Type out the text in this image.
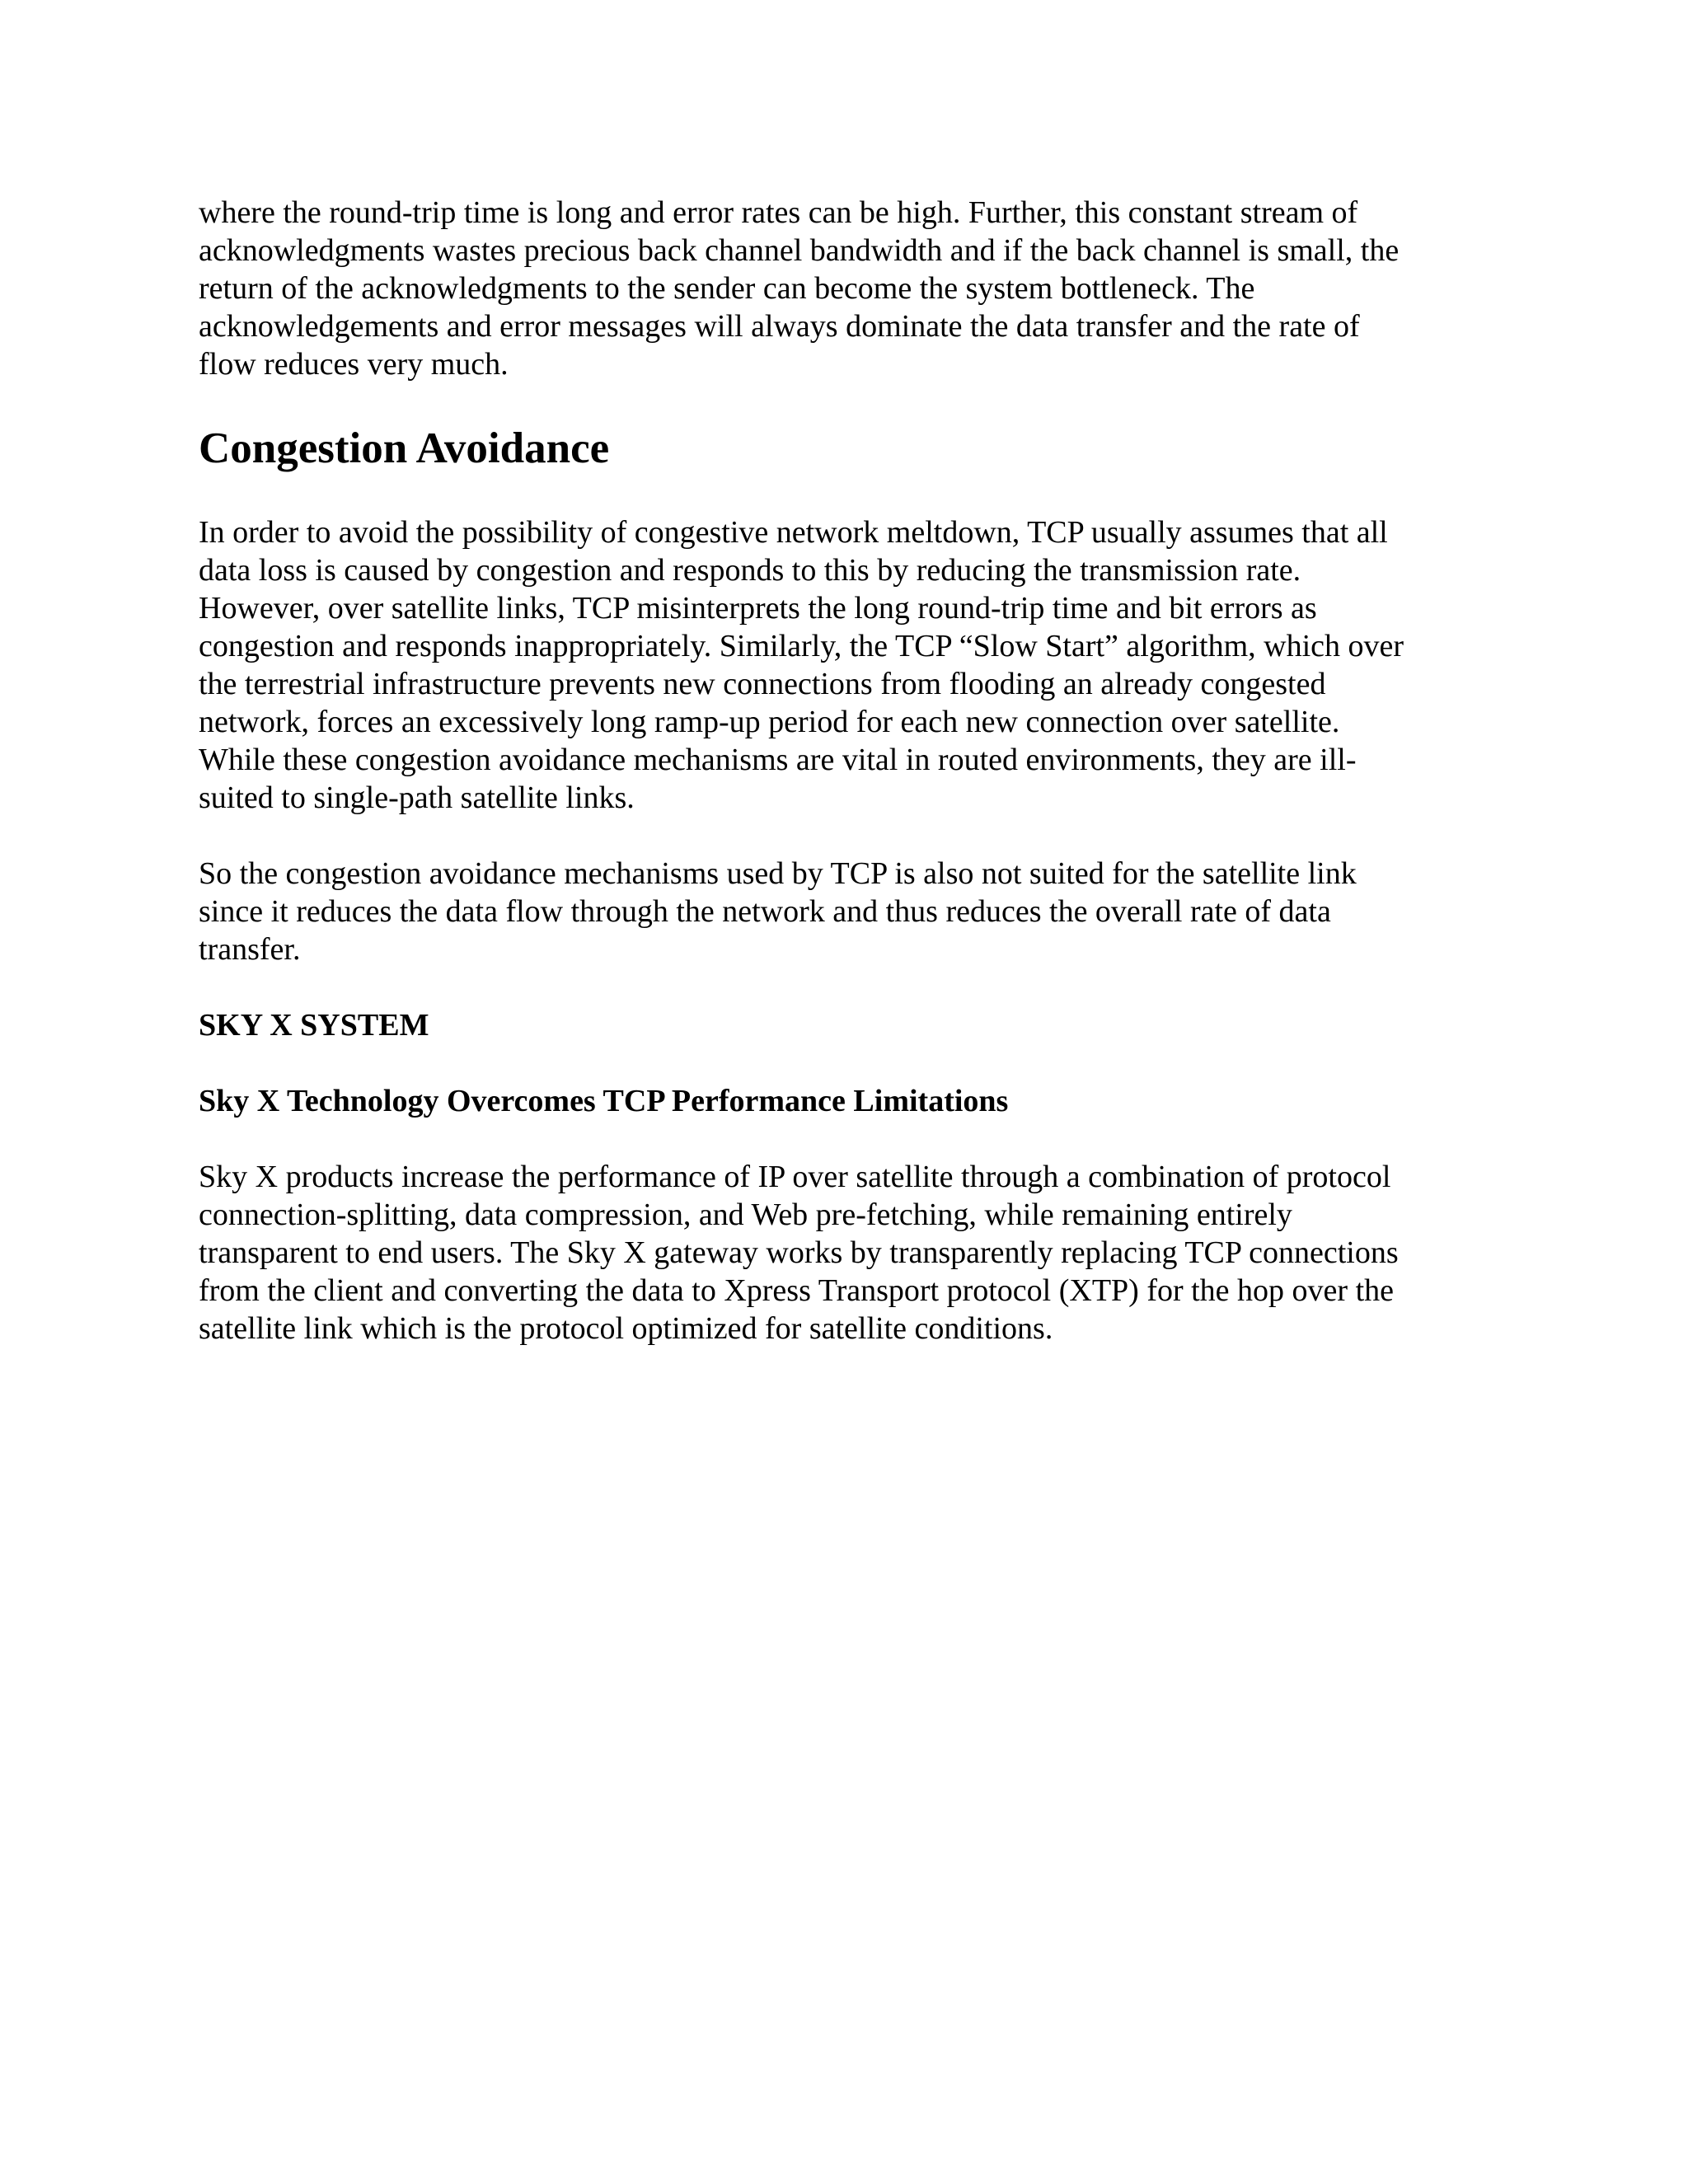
where the round-trip time is long and error rates can be high. Further, this constant stream of
acknowledgments wastes precious back channel bandwidth and if the back channel is small, the
return of the acknowledgments to the sender can become the system bottleneck. The
acknowledgements and error messages will always dominate the data transfer and the rate of
flow reduces very much.

Congestion Avoidance

In order to avoid the possibility of congestive network meltdown, TCP usually assumes that all
data loss is caused by congestion and responds to this by reducing the transmission rate.
However, over satellite links, TCP misinterprets the long round-trip time and bit errors as
congestion and responds inappropriately. Similarly, the TCP “Slow Start” algorithm, which over
the terrestrial infrastructure prevents new connections from flooding an already congested
network, forces an excessively long ramp-up period for each new connection over satellite.
While these congestion avoidance mechanisms are vital in routed environments, they are ill-
suited to single-path satellite links.

So the congestion avoidance mechanisms used by TCP is also not suited for the satellite link
since it reduces the data flow through the network and thus reduces the overall rate of data
transfer.

SKY X SYSTEM
Sky X Technology Overcomes TCP Performance Limitations

Sky X products increase the performance of IP over satellite through a combination of protocol
connection-splitting, data compression, and Web pre-fetching, while remaining entirely
transparent to end users. The Sky X gateway works by transparently replacing TCP connections
from the client and converting the data to Xpress Transport protocol (XTP) for the hop over the
satellite link which is the protocol optimized for satellite conditions.
